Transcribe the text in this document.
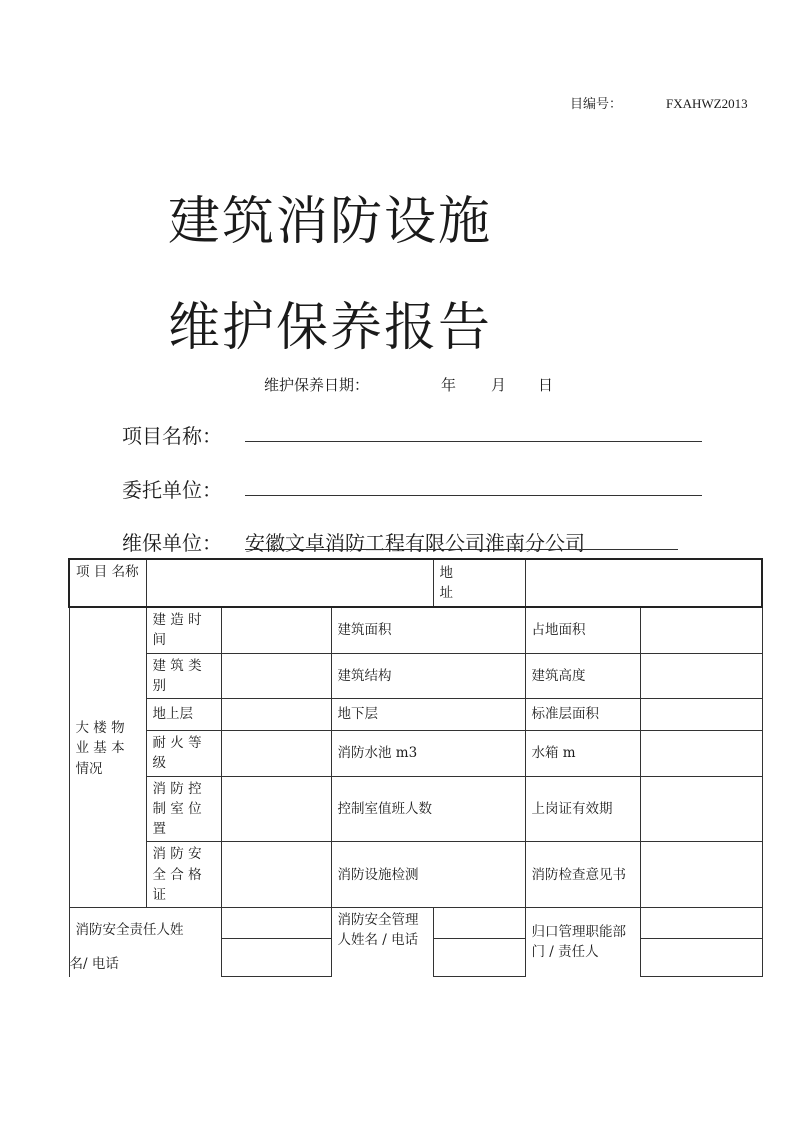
目编号：	FXAHWZ2013
建筑消防设施
维护保养报告
维护保养日期：	年 月 日
项目名称：
委托单位：
维保单位： 安徽文卓消防工程有限公司淮南分公司
项 目 名称				地　　址		
大 楼 物 业 基 本 情况	建 造 时 间		建筑面积		占地面积	
	建 筑 类 别		建筑结构		建筑高度	
	地上层		地下层		标准层面积	
	耐 火 等 级		消防水池 m3		水箱 m	
	消 防 控 制 室 位 置		控制室值班人数		上岗证有效期	
	消 防 安 全 合 格 证		消防设施检测		消防检查意见书	

消防安全责任人姓
名/ 电话			消防安全管理人姓名 / 电话		归口管理职能部门 / 责任人	
